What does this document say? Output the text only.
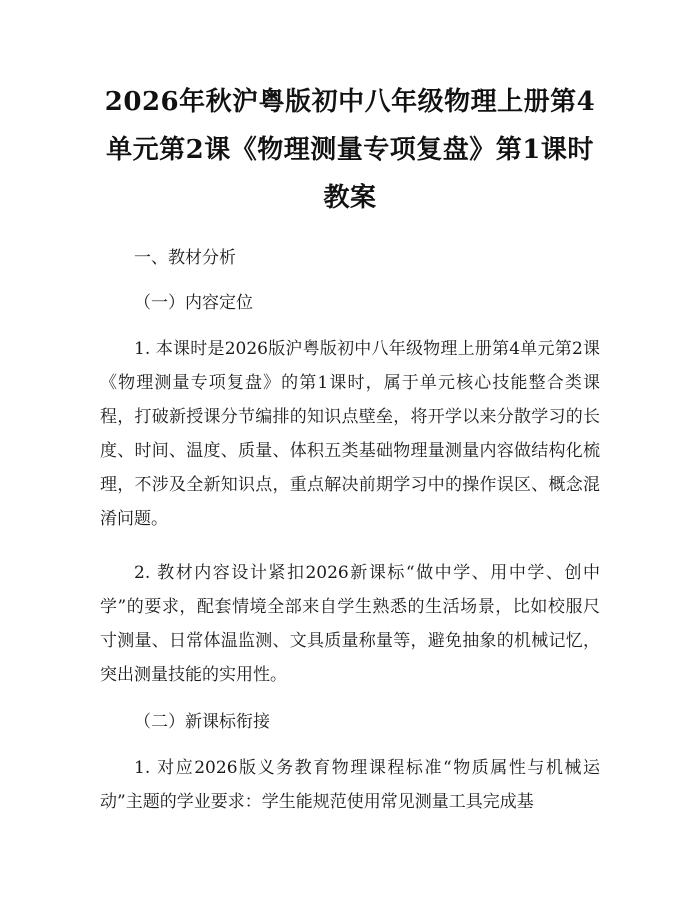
2026年秋沪粤版初中八年级物理上册第4单元第2课《物理测量专项复盘》第1课时教案

一、教材分析

（一）内容定位

1. 本课时是2026版沪粤版初中八年级物理上册第4单元第2课《物理测量专项复盘》的第1课时，属于单元核心技能整合类课程，打破新授课分节编排的知识点壁垒，将开学以来分散学习的长度、时间、温度、质量、体积五类基础物理量测量内容做结构化梳理，不涉及全新知识点，重点解决前期学习中的操作误区、概念混淆问题。

2. 教材内容设计紧扣2026新课标“做中学、用中学、创中学”的要求，配套情境全部来自学生熟悉的生活场景，比如校服尺寸测量、日常体温监测、文具质量称量等，避免抽象的机械记忆，突出测量技能的实用性。

（二）新课标衔接

1. 对应2026版义务教育物理课程标准“物质属性与机械运动”主题的学业要求：学生能规范使用常见测量工具完成基
